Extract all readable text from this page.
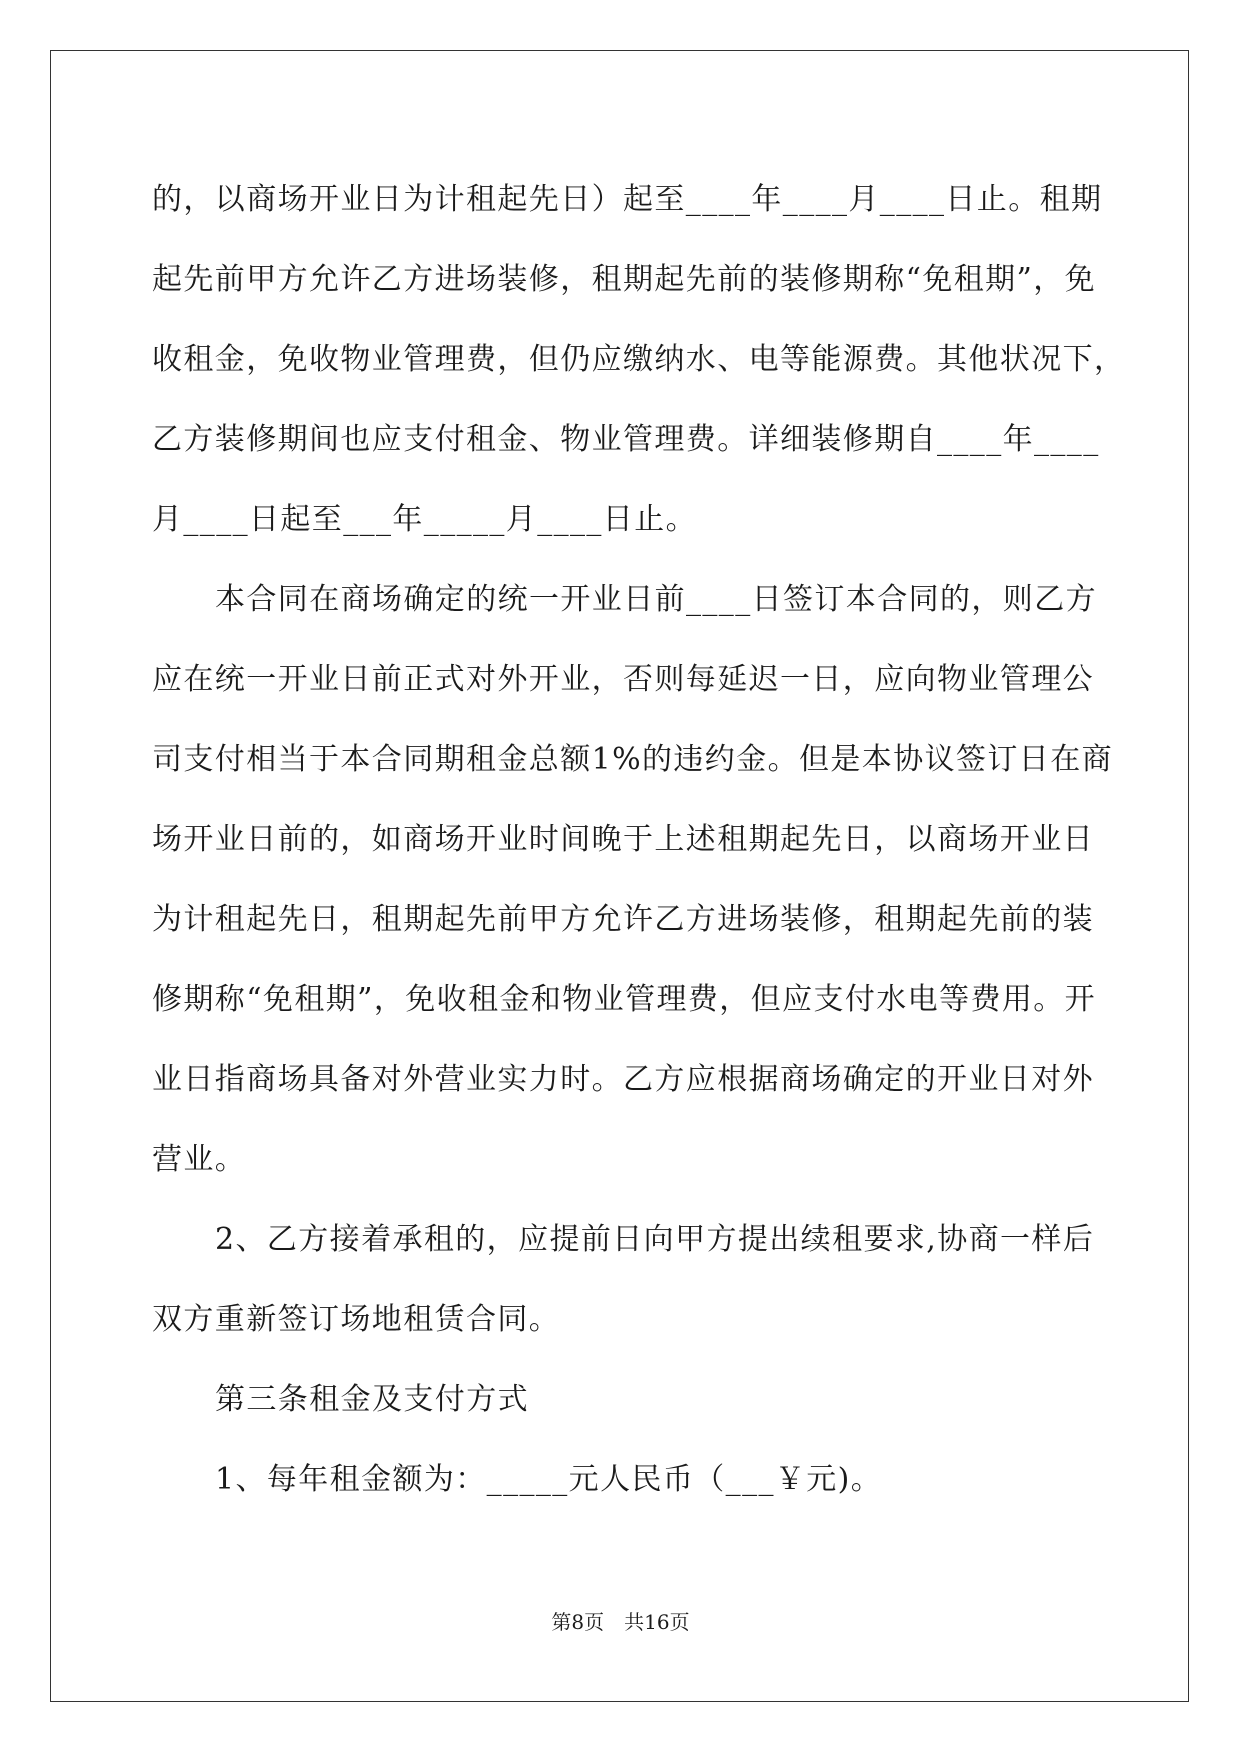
的，以商场开业日为计租起先日）起至____年____月____日止。租期
起先前甲方允许乙方进场装修，租期起先前的装修期称“免租期”，免
收租金，免收物业管理费，但仍应缴纳水、电等能源费。其他状况下，
乙方装修期间也应支付租金、物业管理费。详细装修期自____年____
月____日起至___年_____月____日止。
本合同在商场确定的统一开业日前____日签订本合同的，则乙方
应在统一开业日前正式对外开业，否则每延迟一日，应向物业管理公
司支付相当于本合同期租金总额1%的违约金。但是本协议签订日在商
场开业日前的，如商场开业时间晚于上述租期起先日，以商场开业日
为计租起先日，租期起先前甲方允许乙方进场装修，租期起先前的装
修期称“免租期”，免收租金和物业管理费，但应支付水电等费用。开
业日指商场具备对外营业实力时。乙方应根据商场确定的开业日对外
营业。
2、乙方接着承租的，应提前日向甲方提出续租要求,协商一样后
双方重新签订场地租赁合同。
第三条租金及支付方式
1、每年租金额为：_____元人民币（___￥元)。
第8页　共16页
